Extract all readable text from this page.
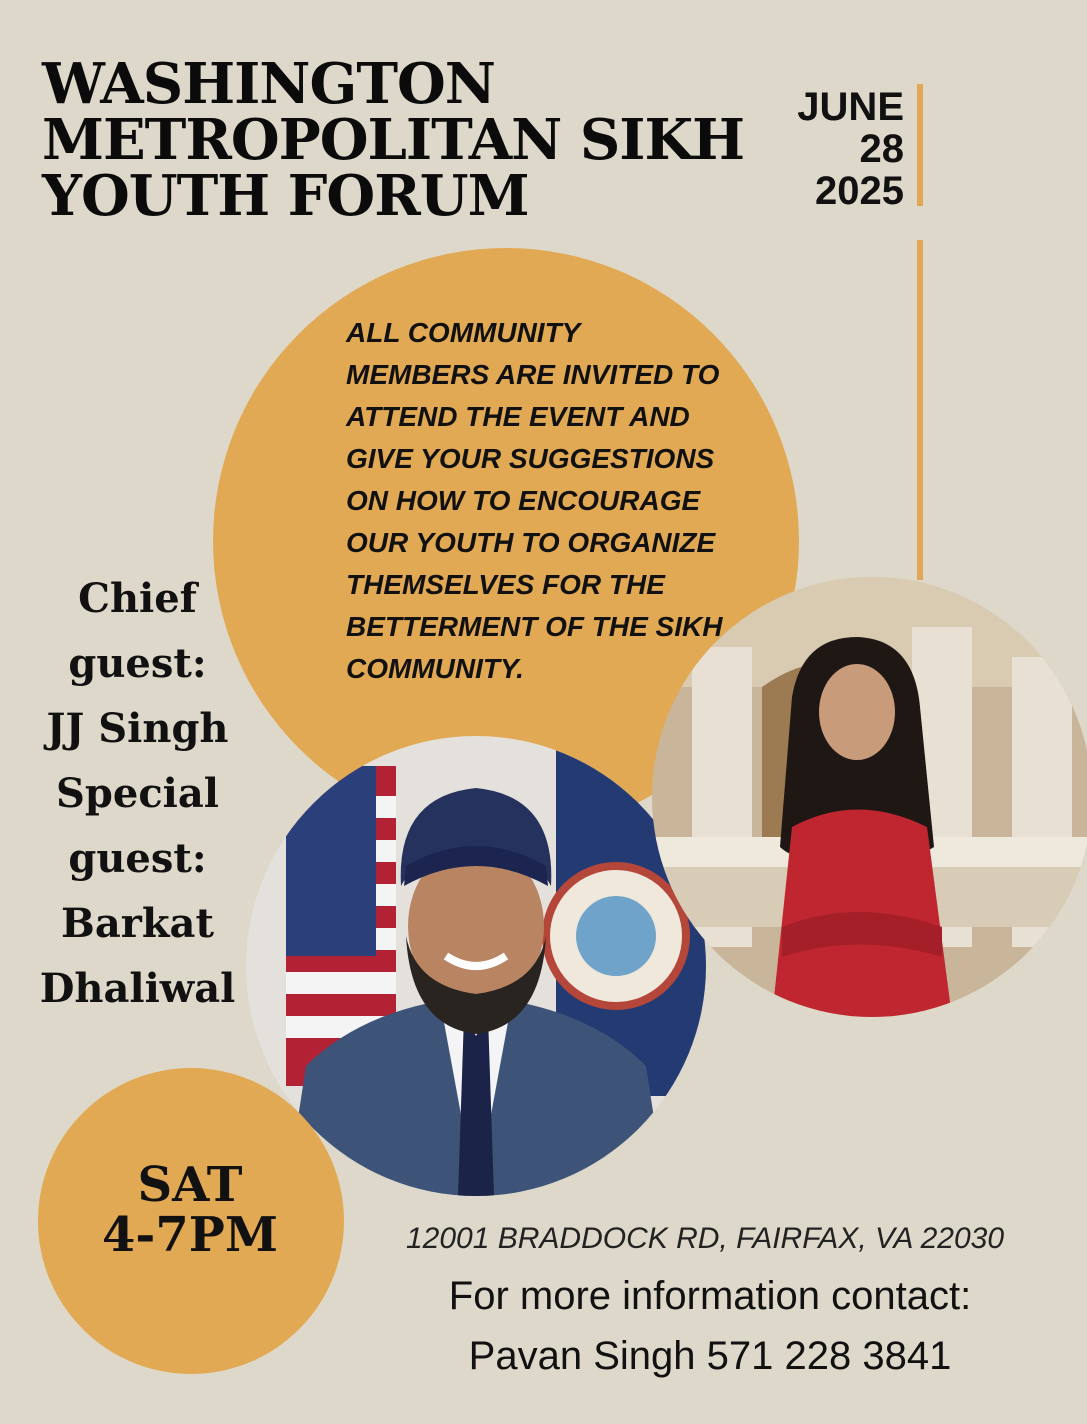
WASHINGTON
METROPOLITAN SIKH
YOUTH FORUM
JUNE
28
2025

ALL COMMUNITY MEMBERS ARE INVITED TO ATTEND THE EVENT AND GIVE YOUR SUGGESTIONS ON HOW TO ENCOURAGE OUR YOUTH TO ORGANIZE THEMSELVES FOR THE BETTERMENT OF THE SIKH COMMUNITY.

Chief
guest:
JJ Singh
Special
guest:
Barkat
Dhaliwal
SAT
4-7PM	12001 BRADDOCK RD, FAIRFAX, VA 22030
For more information contact:
Pavan Singh 571 228 3841
